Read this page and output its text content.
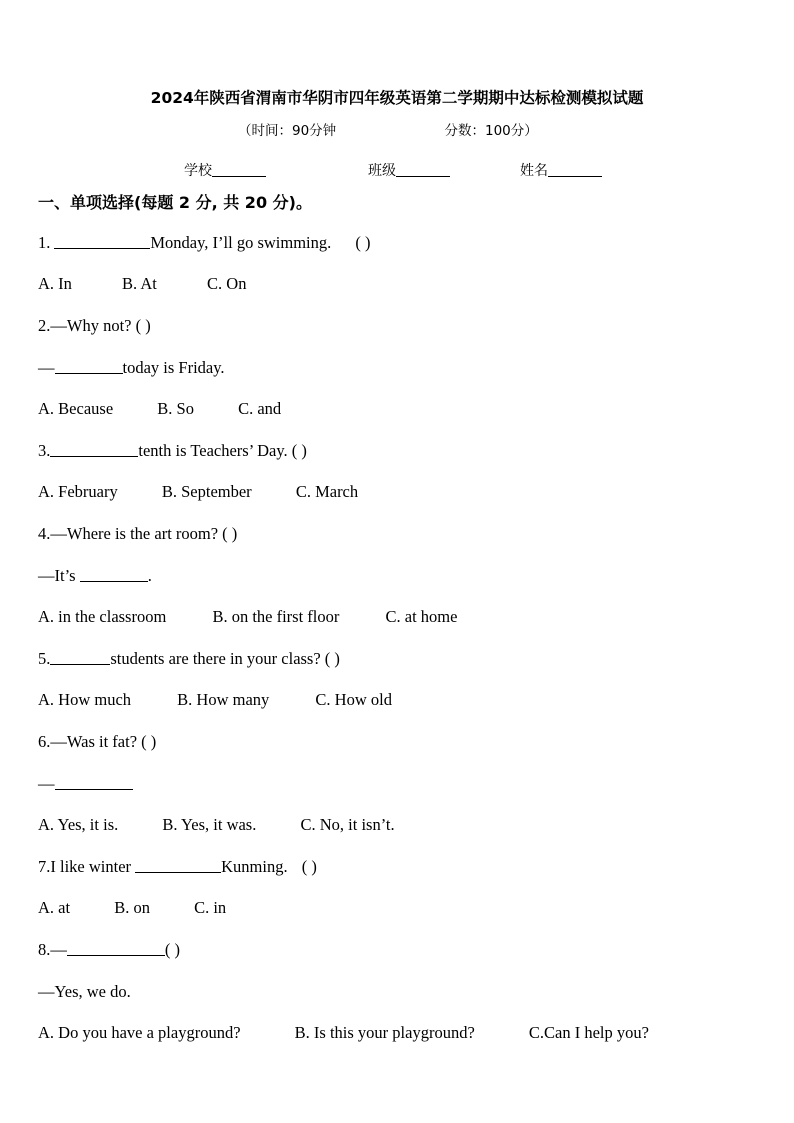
2024年陕西省渭南市华阴市四年级英语第二学期期中达标检测模拟试题
（时间：90分钟	分数：100分）
学校	班级	姓名
一、单项选择(每题 2 分, 共 20 分)。
1.	Monday, I’ll go swimming. ( )
A. In	B. At	C. On
2.—Why not? ( )
—	today is Friday.
A. Because	B. So	C. and
3.	tenth is Teachers’ Day. ( )
A. February	B. September	C. March
4.—Where is the art room? ( )
—It’s	.
A. in the classroom	B. on the first floor	C. at home
5.	students are there in your class? ( )
A. How much	B. How many	C. How old
6.—Was it fat? ( )
—
A. Yes, it is.	B. Yes, it was.	C. No, it isn’t.
7.I like winter	Kunming. ( )
A. at	B. on	C. in
8.—	( )
—Yes, we do.
A. Do you have a playground?	B. Is this your playground?	C.Can I help you?
